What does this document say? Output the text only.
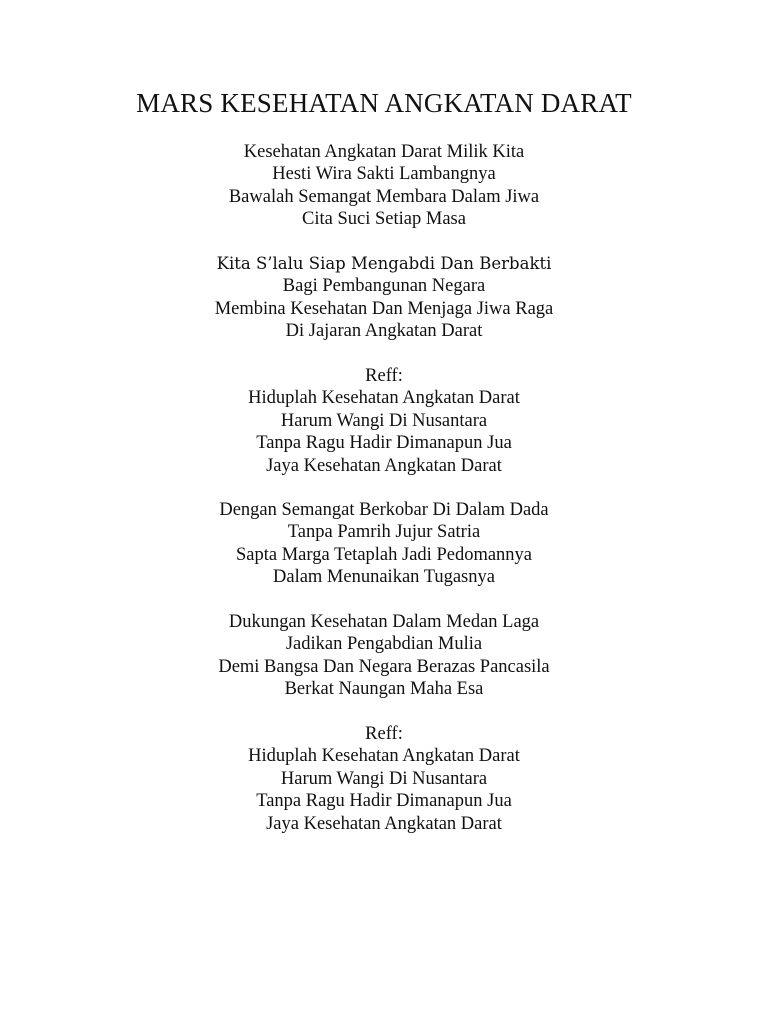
MARS KESEHATAN ANGKATAN DARAT
Kesehatan Angkatan Darat Milik Kita
Hesti Wira Sakti Lambangnya
Bawalah Semangat Membara Dalam Jiwa
Cita Suci Setiap Masa
Kita S’lalu Siap Mengabdi Dan Berbakti
Bagi Pembangunan Negara
Membina Kesehatan Dan Menjaga Jiwa Raga
Di Jajaran Angkatan Darat
Reff:
Hiduplah Kesehatan Angkatan Darat
Harum Wangi Di Nusantara
Tanpa Ragu Hadir Dimanapun Jua
Jaya Kesehatan Angkatan Darat
Dengan Semangat Berkobar Di Dalam Dada
Tanpa Pamrih Jujur Satria
Sapta Marga Tetaplah Jadi Pedomannya
Dalam Menunaikan Tugasnya
Dukungan Kesehatan Dalam Medan Laga
Jadikan Pengabdian Mulia
Demi Bangsa Dan Negara Berazas Pancasila
Berkat Naungan Maha Esa
Reff:
Hiduplah Kesehatan Angkatan Darat
Harum Wangi Di Nusantara
Tanpa Ragu Hadir Dimanapun Jua
Jaya Kesehatan Angkatan Darat
